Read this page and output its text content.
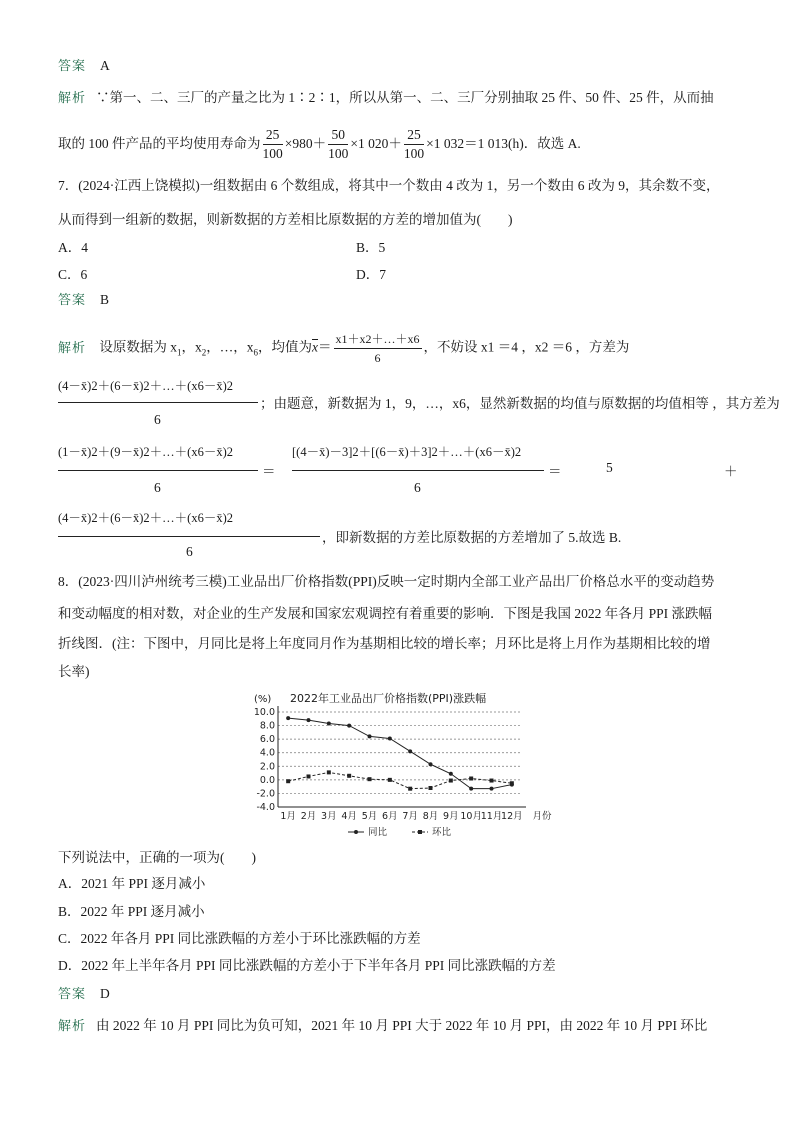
答案 A
解析 ∵第一、二、三厂的产量之比为 1∶2∶1，所以从第一、二、三厂分别抽取 25 件、50 件、25 件，从而抽
取的 100 件产品的平均使用寿命为 $\frac{25}{100} \times 980+ \frac{50}{100} \times 1$ $020+ \frac{25}{100} \times 1$ 032＝1 013(h)．故选 A.
7．(2024·江西上饶模拟)一组数据由 6 个数组成，将其中一个数由 4 改为 1，另一个数由 6 改为 9，其余数不变，
从而得到一组新的数据，则新数据的方差相比原数据的方差的增加值为(　　)
A．4	B．5
C．6	D．7
答案 B
解析 设原数据为 $x_1$，$x_2$，…，$x_6$，均值为$\overline{x}= \frac{x1+x2+\dots+x6}{6}$ ，不妨设 x1 ＝4 ，x2 ＝6 ，方差为
(4－x̄)2＋(6－x̄)2＋…＋(x6－x̄)2
6
；由题意，新数据为 1，9，…，x6，显然新数据的均值与原数据的均值相等 ，其方差为
(1－x̄)2＋(9－x̄)2＋…＋(x6－x̄)2
6
＝
[(4－x̄)－3]2＋[(6－x̄)＋3]2＋…＋(x6－x̄)2
6
＝	5	＋
(4－x̄)2＋(6－x̄)2＋…＋(x6－x̄)2
6
，即新数据的方差比原数据的方差增加了 5.故选 B.
8．(2023·四川泸州统考三模)工业品出厂价格指数(PPI)反映一定时期内全部工业产品出厂价格总水平的变动趋势
和变动幅度的相对数，对企业的生产发展和国家宏观调控有着重要的影响．下图是我国 2022 年各月 PPI 涨跌幅
折线图．(注：下图中，月同比是将上年度同月作为基期相比较的增长率；月环比是将上月作为基期相比较的增
长率)
2022年工业品出厂价格指数(PPI)涨跌幅
(%)
10.0
8.0
6.0
4.0
2.0
0.0
-2.0
-4.0
1月 2月 3月 4月 5月 6月 7月 8月 9月 10月
11月
12月 月份
同比	环比
下列说法中，正确的一项为(　　)
A．2021 年 PPI 逐月减小
B．2022 年 PPI 逐月减小
C．2022 年各月 PPI 同比涨跌幅的方差小于环比涨跌幅的方差
D．2022 年上半年各月 PPI 同比涨跌幅的方差小于下半年各月 PPI 同比涨跌幅的方差
答案 D
解析 由 2022 年 10 月 PPI 同比为负可知，2021 年 10 月 PPI 大于 2022 年 10 月 PPI，由 2022 年 10 月 PPI 环比
